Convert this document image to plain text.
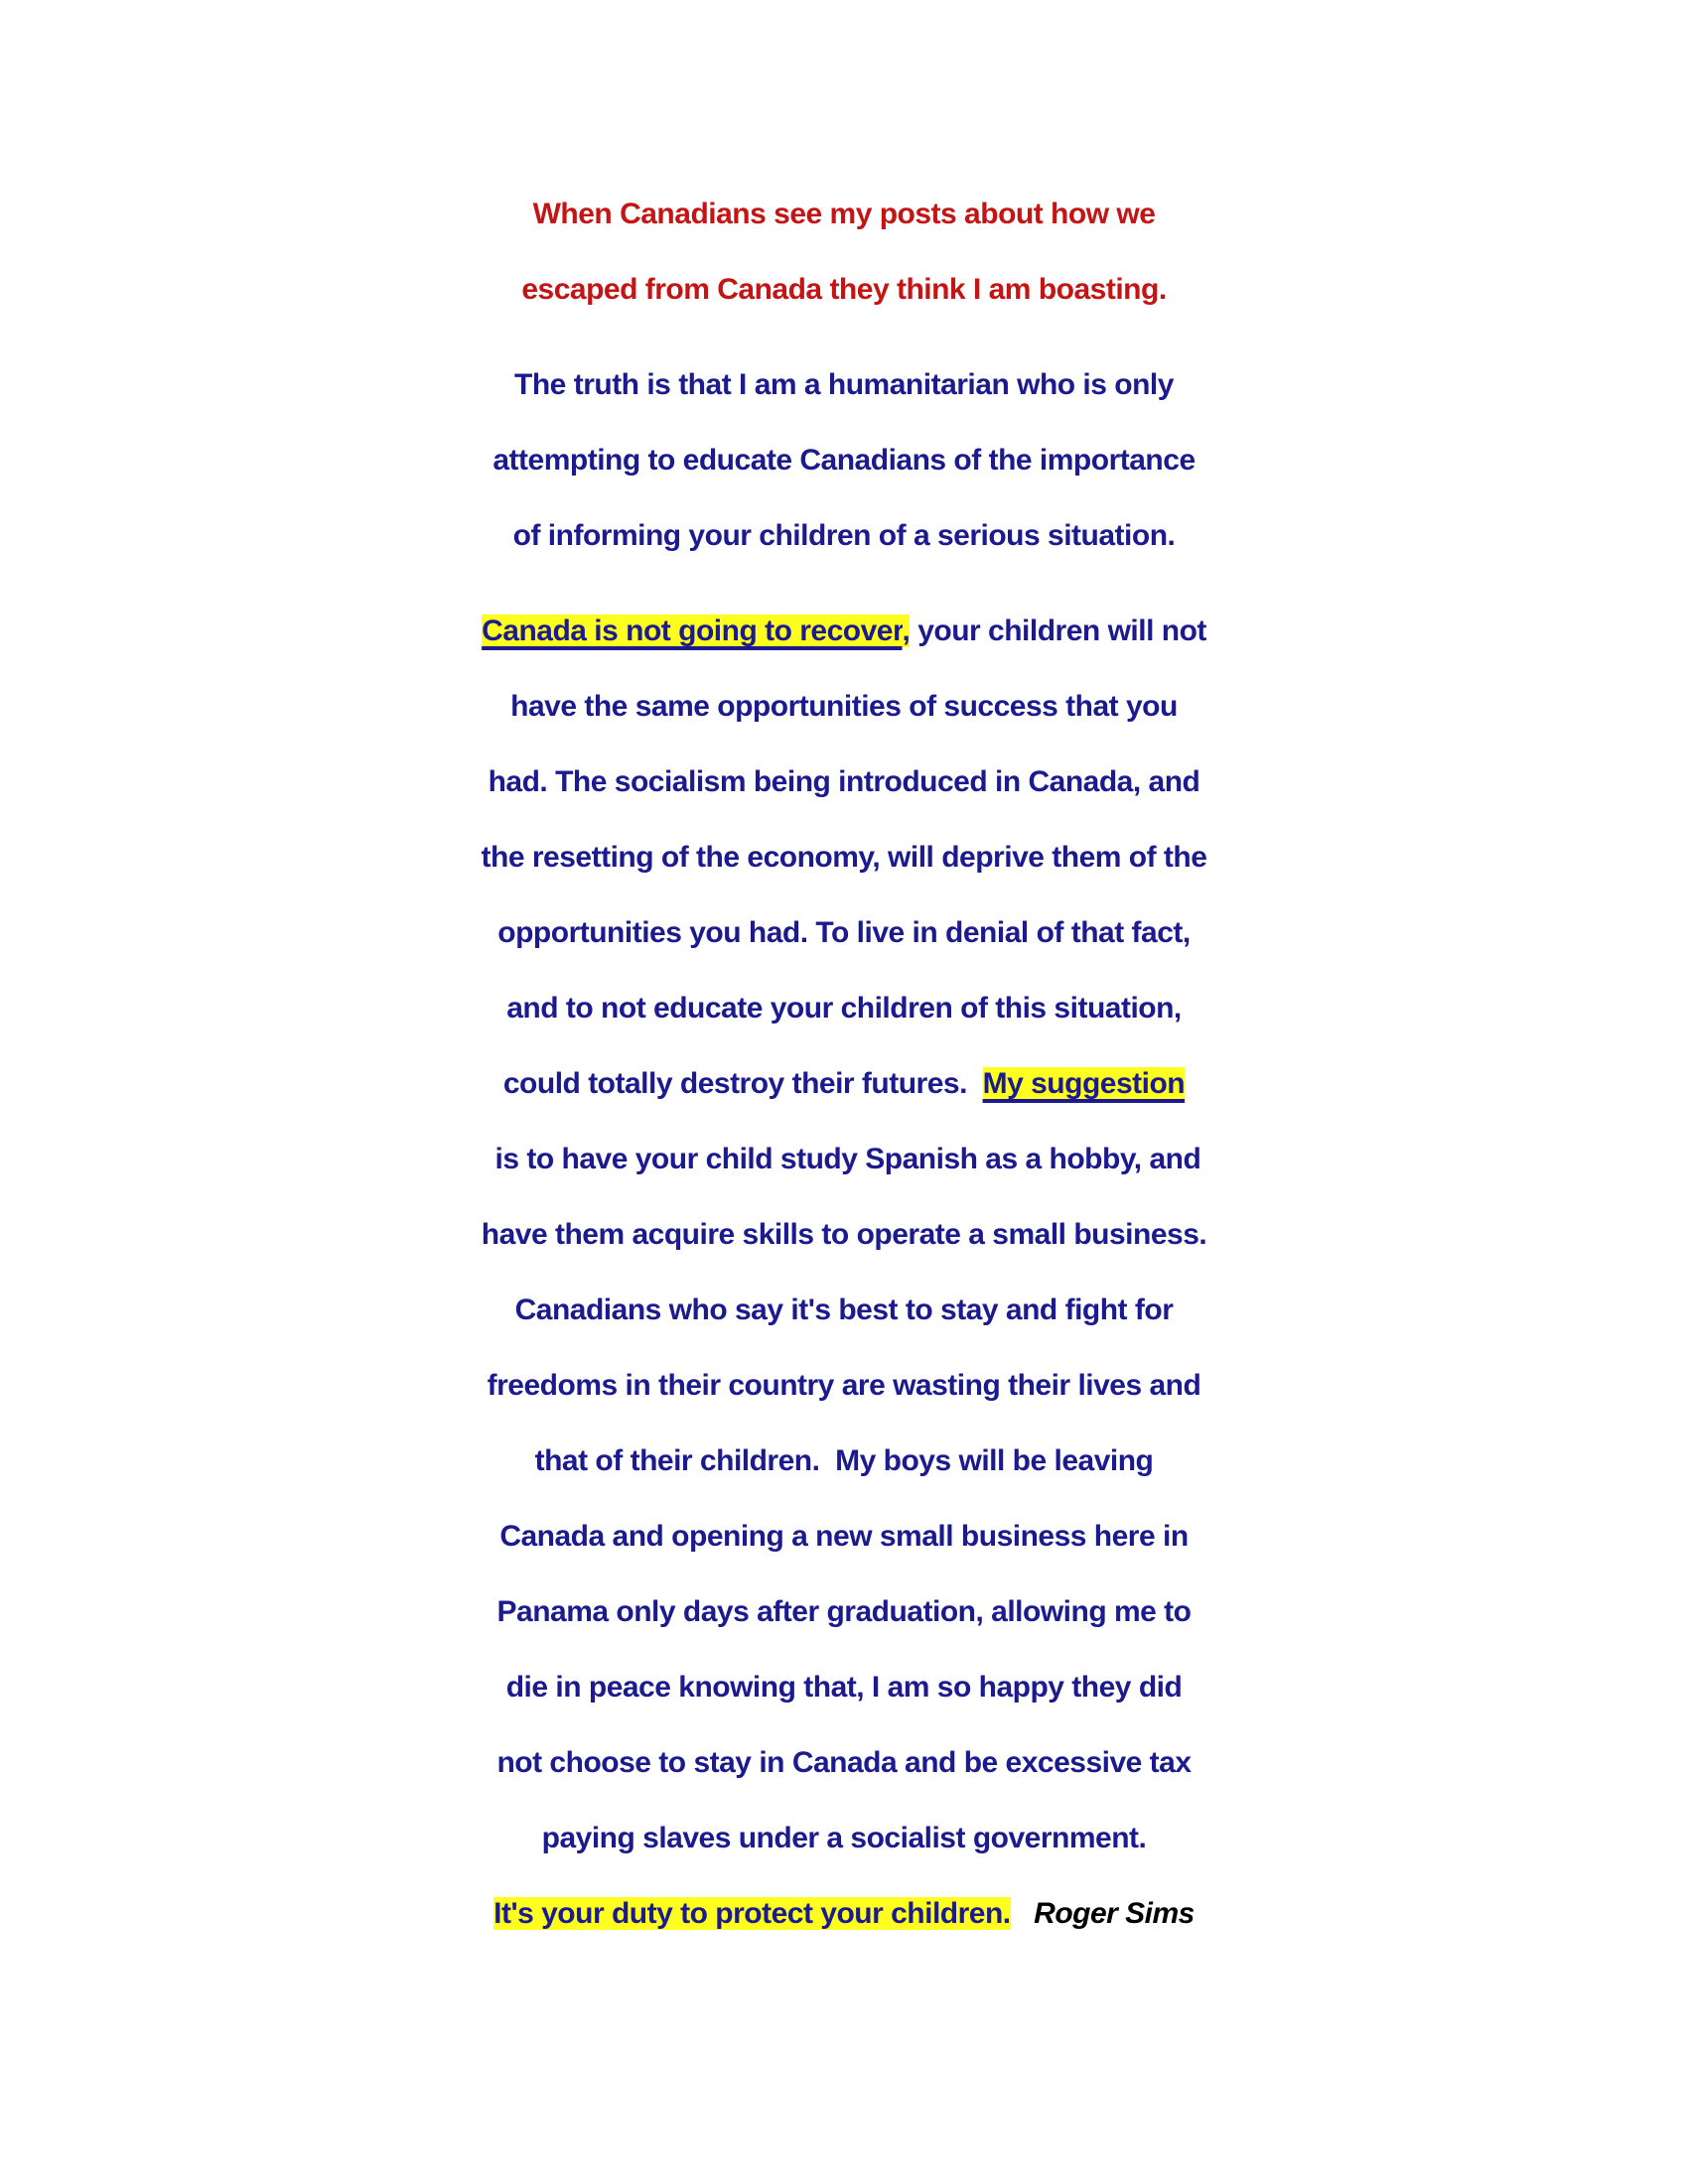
When Canadians see my posts about how we
escaped from Canada they think I am boasting.
The truth is that I am a humanitarian who is only
attempting to educate Canadians of the importance
of informing your children of a serious situation.
Canada is not going to recover, your children will not
have the same opportunities of success that you
had. The socialism being introduced in Canada, and
the resetting of the economy, will deprive them of the
opportunities you had. To live in denial of that fact,
and to not educate your children of this situation,
could totally destroy their futures.  My suggestion
is to have your child study Spanish as a hobby, and
have them acquire skills to operate a small business.
Canadians who say it's best to stay and fight for
freedoms in their country are wasting their lives and
that of their children.  My boys will be leaving
Canada and opening a new small business here in
Panama only days after graduation, allowing me to
die in peace knowing that, I am so happy they did
not choose to stay in Canada and be excessive tax
paying slaves under a socialist government.
It's your duty to protect your children. Roger Sims
